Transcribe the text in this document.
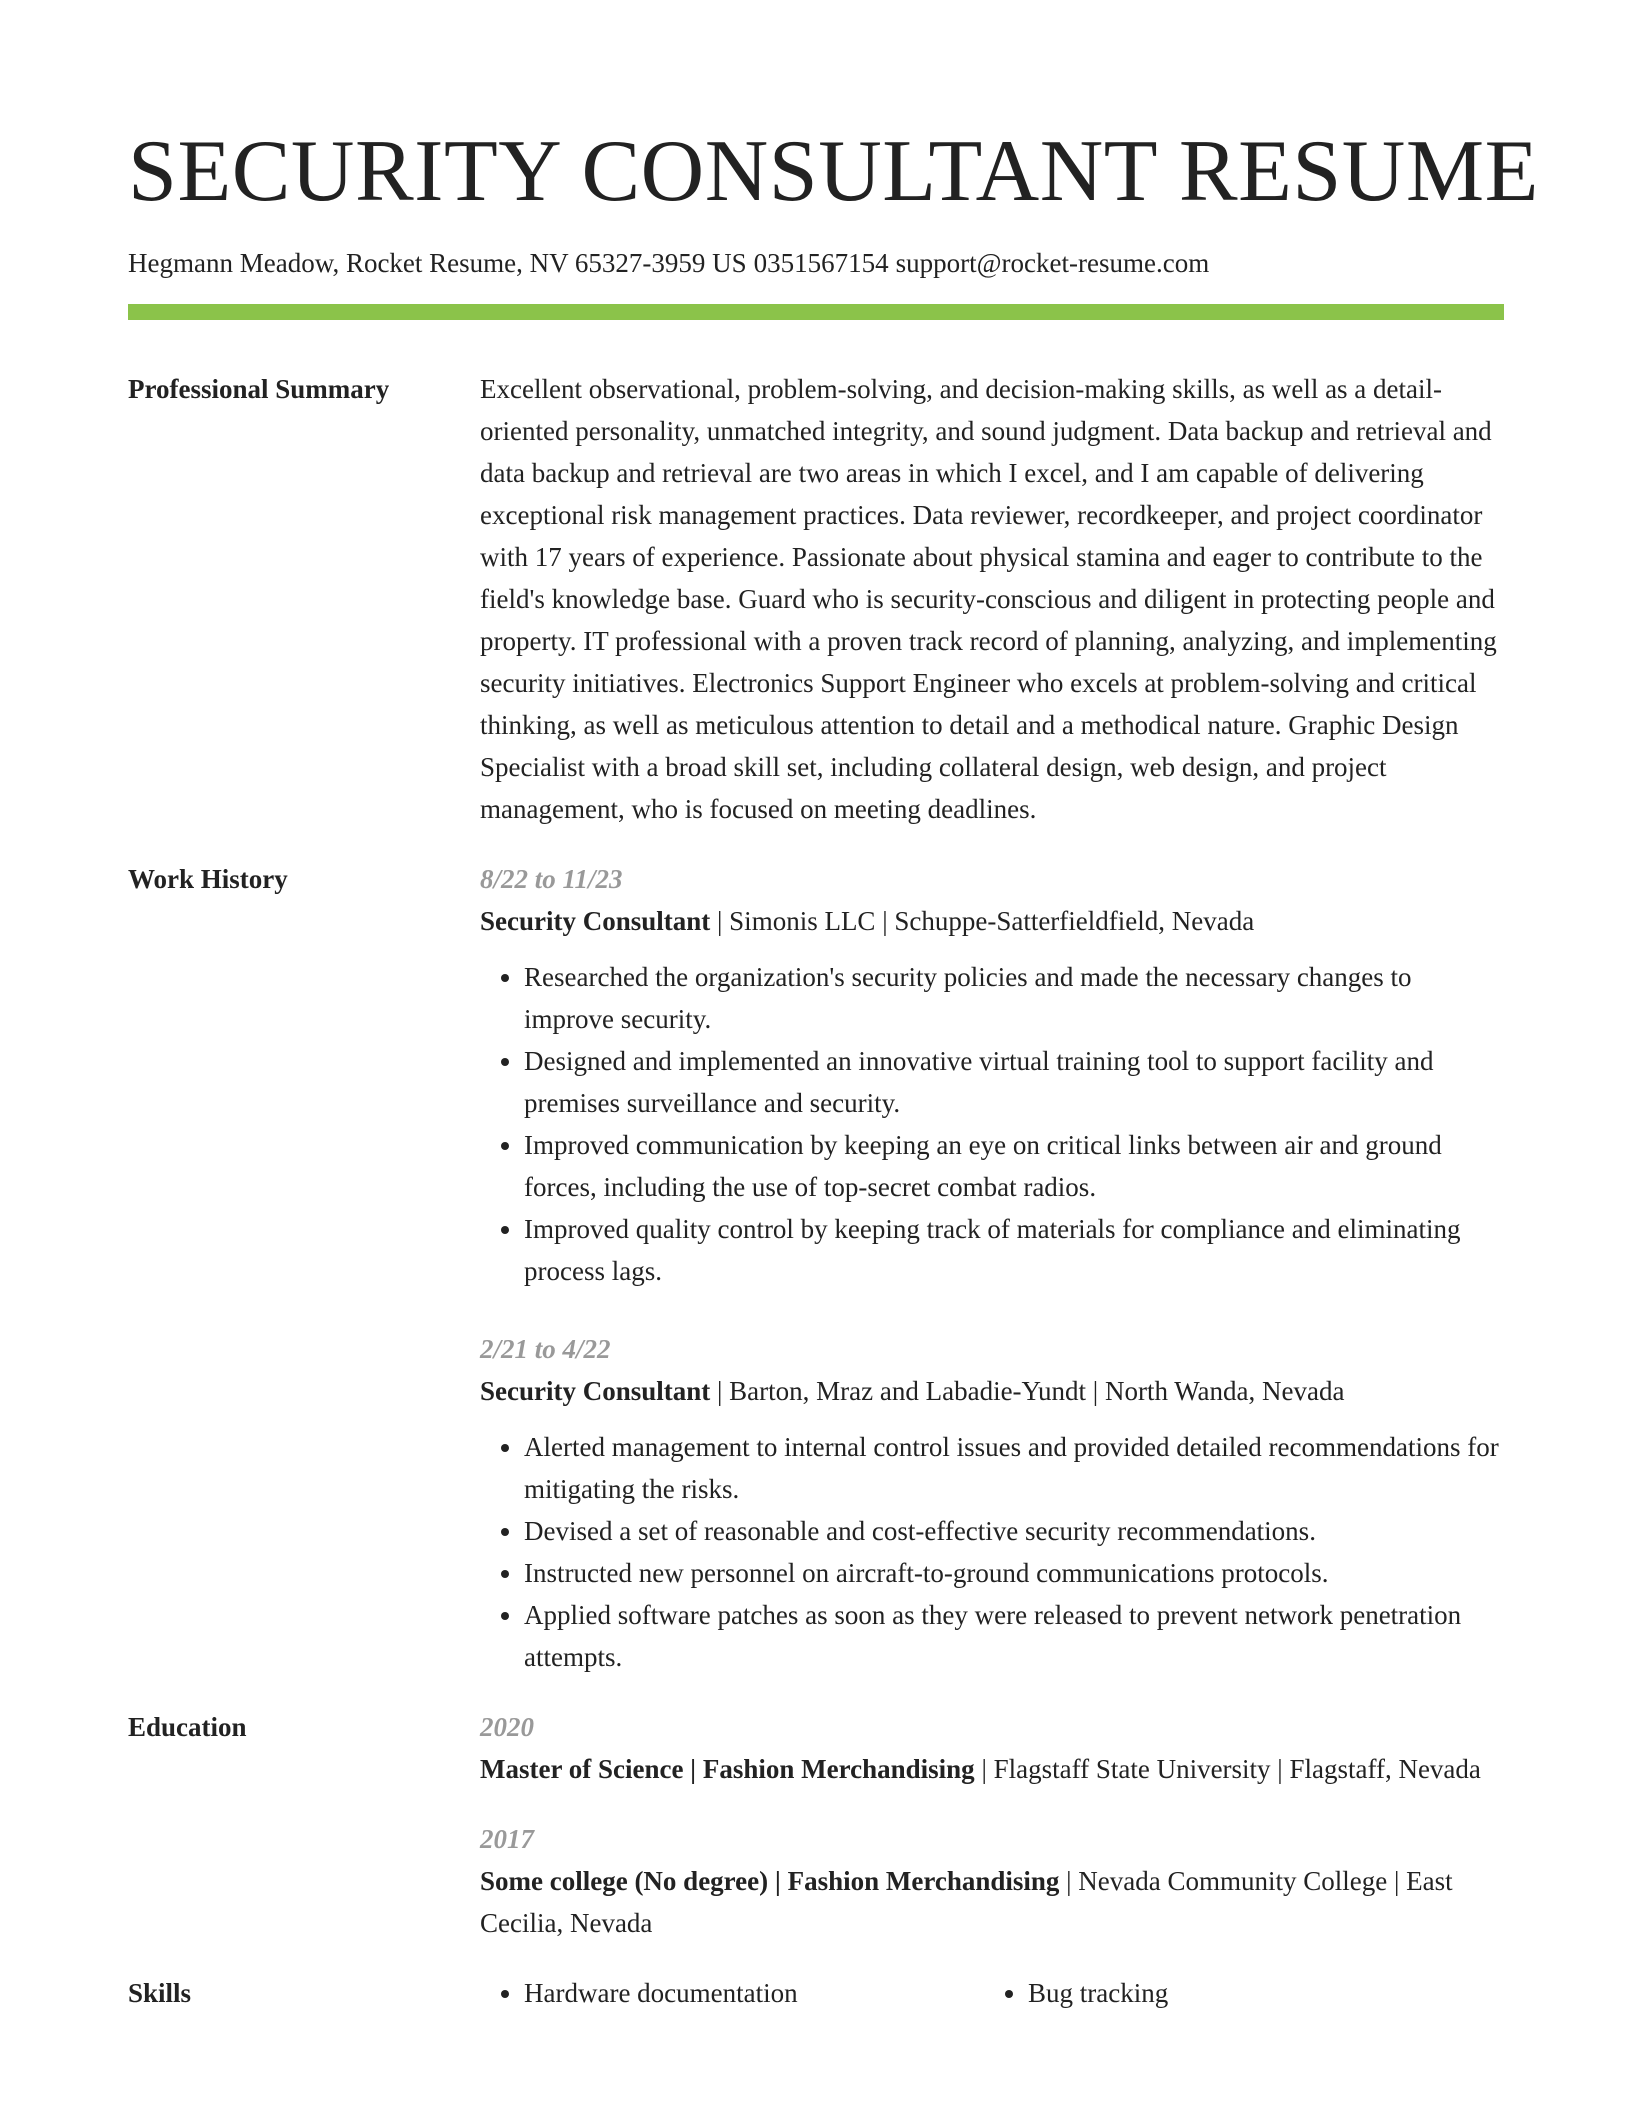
SECURITY CONSULTANT RESUME
Hegmann Meadow, Rocket Resume, NV 65327-3959 US 0351567154 support@rocket-resume.com
Professional Summary	Excellent observational, problem-solving, and decision-making skills, as well as a detail-oriented personality, unmatched integrity, and sound judgment. Data backup and retrieval and data backup and retrieval are two areas in which I excel, and I am capable of delivering exceptional risk management practices. Data reviewer, recordkeeper, and project coordinator with 17 years of experience. Passionate about physical stamina and eager to contribute to the field's knowledge base. Guard who is security-conscious and diligent in protecting people and property. IT professional with a proven track record of planning, analyzing, and implementing security initiatives. Electronics Support Engineer who excels at problem-solving and critical thinking, as well as meticulous attention to detail and a methodical nature. Graphic Design Specialist with a broad skill set, including collateral design, web design, and project management, who is focused on meeting deadlines.

Work History	8/22 to 11/23
Security Consultant | Simonis LLC | Schuppe-Satterfieldfield, Nevada
• Researched the organization's security policies and made the necessary changes to improve security.
• Designed and implemented an innovative virtual training tool to support facility and premises surveillance and security.
• Improved communication by keeping an eye on critical links between air and ground forces, including the use of top-secret combat radios.
• Improved quality control by keeping track of materials for compliance and eliminating process lags.
2/21 to 4/22
Security Consultant | Barton, Mraz and Labadie-Yundt | North Wanda, Nevada
• Alerted management to internal control issues and provided detailed recommendations for mitigating the risks.
• Devised a set of reasonable and cost-effective security recommendations.
• Instructed new personnel on aircraft-to-ground communications protocols.
• Applied software patches as soon as they were released to prevent network penetration attempts.
Education	2020
Master of Science | Fashion Merchandising | Flagstaff State University | Flagstaff, Nevada
2017
Some college (No degree) | Fashion Merchandising | Nevada Community College | East Cecilia, Nevada
Skills	• Hardware documentation	• Bug tracking
